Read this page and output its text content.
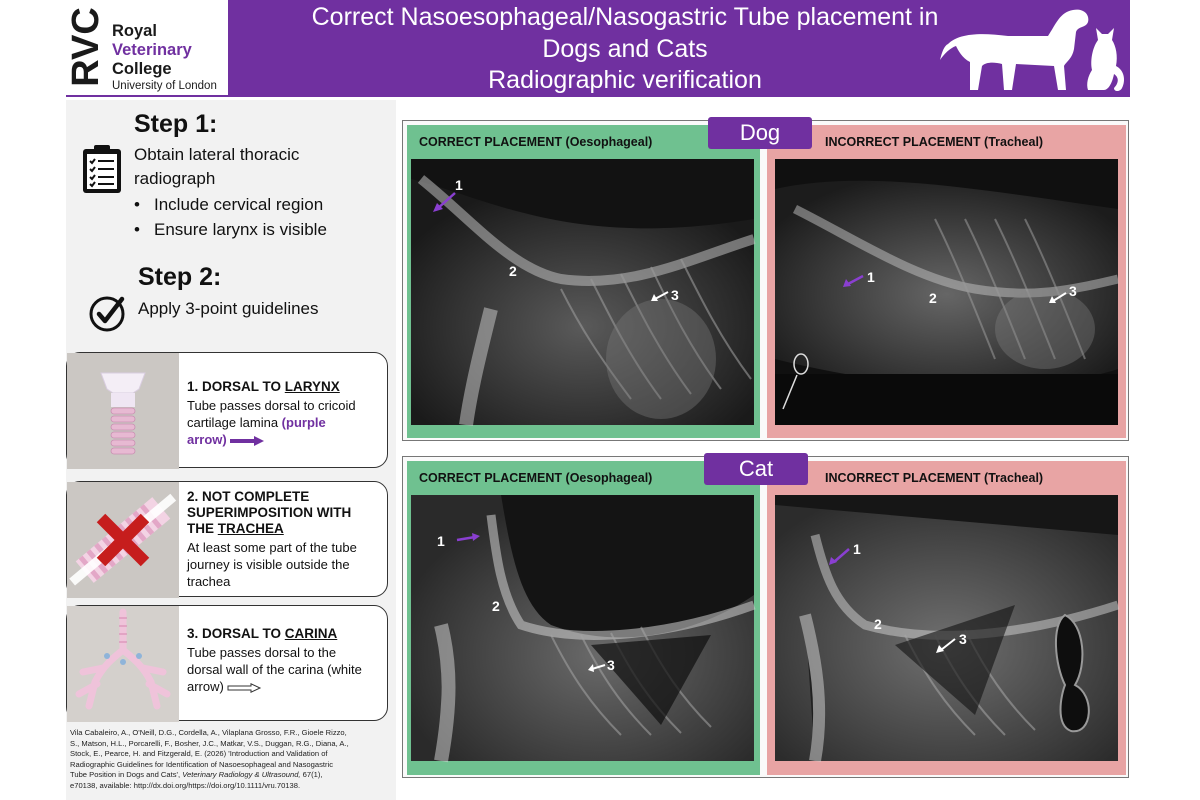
RVC Royal
Veterinary
College
University of London
Correct Nasoesophageal/Nasogastric Tube placement in
Dogs and Cats
Radiographic verification
Step 1:
Obtain lateral thoracic
radiograph
• Include cervical region
• Ensure larynx is visible
Step 2:
Apply 3-point guidelines
1. DORSAL TO LARYNX
Tube passes dorsal to cricoid
cartilage lamina (purple
arrow)
2. NOT COMPLETE
SUPERIMPOSITION WITH
THE TRACHEA
At least some part of the tube
journey is visible outside the
trachea
3. DORSAL TO CARINA
Tube passes dorsal to the
dorsal wall of the carina (white
arrow)
Vila Cabaleiro, A., O'Neill, D.G., Cordella, A., Vilaplana Grosso, F.R., Gioele Rizzo,
S., Matson, H.L., Porcarelli, F., Bosher, J.C., Matkar, V.S., Duggan, R.G., Diana, A.,
Stock, E., Pearce, H. and Fitzgerald, E. (2026) 'Introduction and Validation of
Radiographic Guidelines for Identification of Nasoesophageal and Nasogastric
Tube Position in Dogs and Cats', Veterinary Radiology & Ultrasound, 67(1),
e70138, available: http://dx.doi.org/https://doi.org/10.1111/vru.70138.
CORRECT PLACEMENT (Oesophageal)
1
2
3
INCORRECT PLACEMENT (Tracheal)
1
2	3
Dog
CORRECT PLACEMENT (Oesophageal)
1
2
3
INCORRECT PLACEMENT (Tracheal)
1
2
3
Cat
